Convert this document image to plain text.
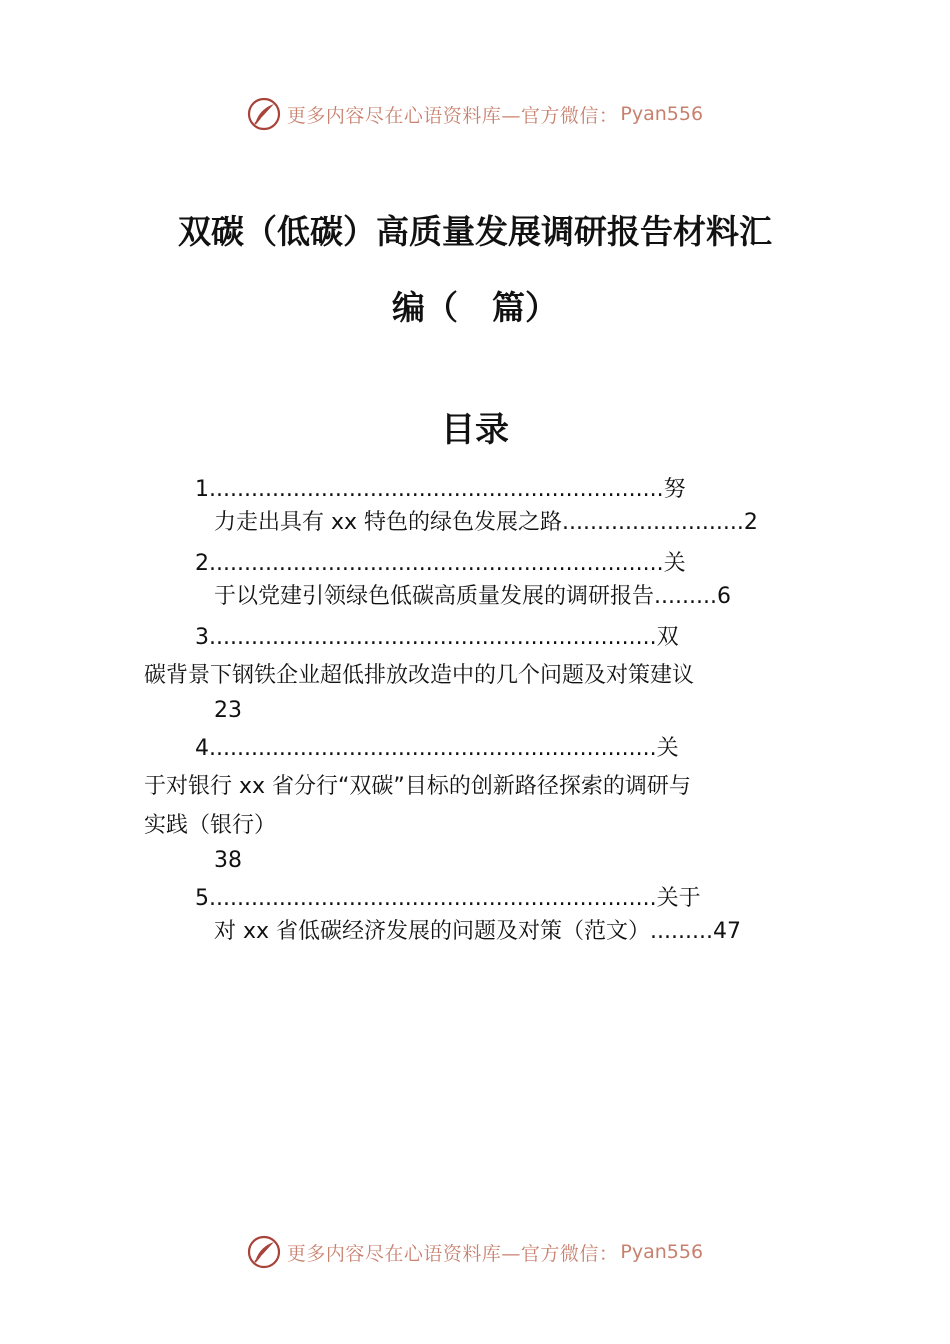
更多内容尽在心语资料库—官方微信： Pyan556
双碳（低碳）高质量发展调研报告材料汇
编（ 篇）
目录
1.................................................................努
力走出具有 xx 特色的绿色发展之路..........................2
2.................................................................关
于以党建引领绿色低碳高质量发展的调研报告.........6
3................................................................双
碳背景下钢铁企业超低排放改造中的几个问题及对策建议
23
4................................................................关
于对银行 xx 省分行“双碳”目标的创新路径探索的调研与
实践（银行）
38
5................................................................关于
对 xx 省低碳经济发展的问题及对策（范文）.........47
更多内容尽在心语资料库—官方微信： Pyan556
